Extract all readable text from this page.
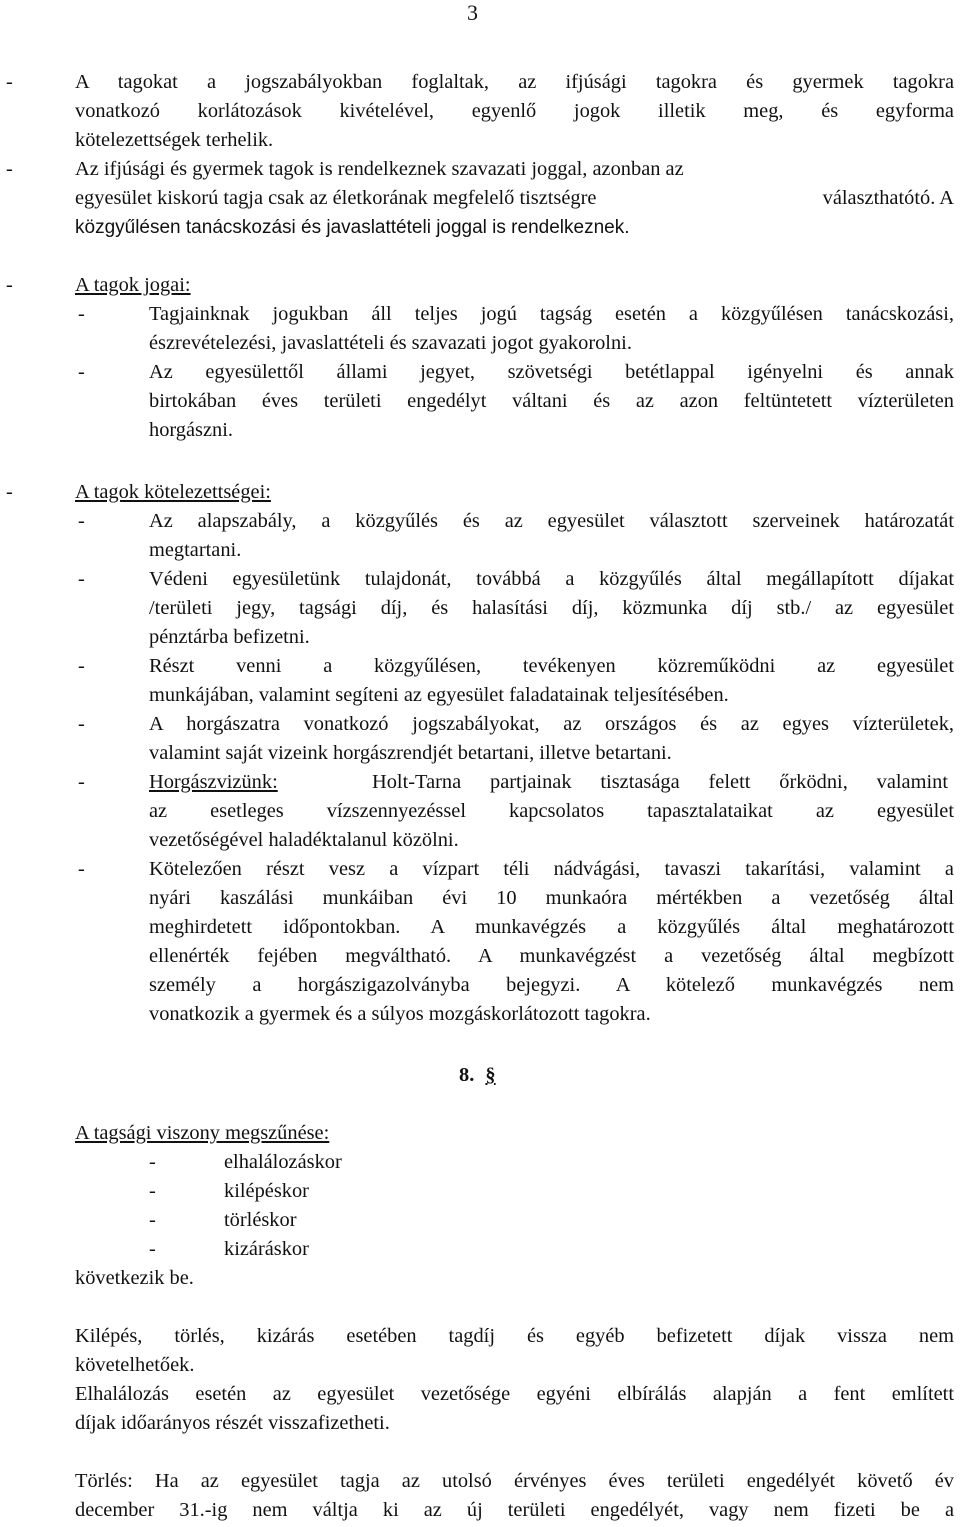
3
-	A tagokat a jogszabályokban foglaltak, az ifjúsági tagokra és gyermek tagokra
vonatkozó korlátozások kivételével, egyenlő jogok illetik meg, és egyforma
kötelezettségek terhelik.
-	Az ifjúsági és gyermek tagok is rendelkeznek szavazati joggal, azonban az
egyesület kiskorú tagja csak az életkorának megfelelő tisztségre	választhatótó. A
közgyűlésen tanácskozási és javaslattételi joggal is rendelkeznek.
-	A tagok jogai:
-	Tagjainknak jogukban áll teljes jogú tagság esetén a közgyűlésen tanácskozási,
észrevételezési, javaslattételi és szavazati jogot gyakorolni.
-	Az egyesülettől állami jegyet, szövetségi betétlappal igényelni és annak
birtokában éves területi engedélyt váltani és az azon feltüntetett vízterületen
horgászni.
-	A tagok kötelezettségei:
-	Az alapszabály, a közgyűlés és az egyesület választott szerveinek határozatát
megtartani.
-	Védeni egyesületünk tulajdonát, továbbá a közgyűlés által megállapított díjakat
/területi jegy, tagsági díj, és halasítási díj, közmunka díj stb./ az egyesület
pénztárba befizetni.
-	Részt venni a közgyűlésen, tevékenyen közreműködni az egyesület
munkájában, valamint segíteni az egyesület faladatainak teljesítésében.
-	A horgászatra vonatkozó jogszabályokat, az országos és az egyes vízterületek,
valamint saját vizeink horgászrendjét betartani, illetve betartani.
-	Horgászvizünk:	Holt-Tarna partjainak tisztasága felett őrködni, valamint
az esetleges vízszennyezéssel kapcsolatos tapasztalataikat az egyesület
vezetőségével haladéktalanul közölni.
-	Kötelezően részt vesz a vízpart téli nádvágási, tavaszi takarítási, valamint a
nyári kaszálási munkáiban évi 10 munkaóra mértékben a vezetőség által
meghirdetett időpontokban. A munkavégzés a közgyűlés által meghatározott
ellenérték fejében megváltható. A munkavégzést a vezetőség által megbízott
személy a horgászigazolványba bejegyzi. A kötelező munkavégzés nem
vonatkozik a gyermek és a súlyos mozgáskorlátozott tagokra.
8. §
A tagsági viszony megszűnése:
-	elhalálozáskor
-	kilépéskor
-	törléskor
-	kizáráskor
következik be.
Kilépés, törlés, kizárás esetében tagdíj és egyéb befizetett díjak vissza nem
követelhetőek.
Elhalálozás esetén az egyesület vezetősége egyéni elbírálás alapján a fent említett
díjak időarányos részét visszafizetheti.
Törlés: Ha az egyesület tagja az utolsó érvényes éves területi engedélyét követő év
december 31.-ig nem váltja ki az új területi engedélyét, vagy nem fizeti be a
